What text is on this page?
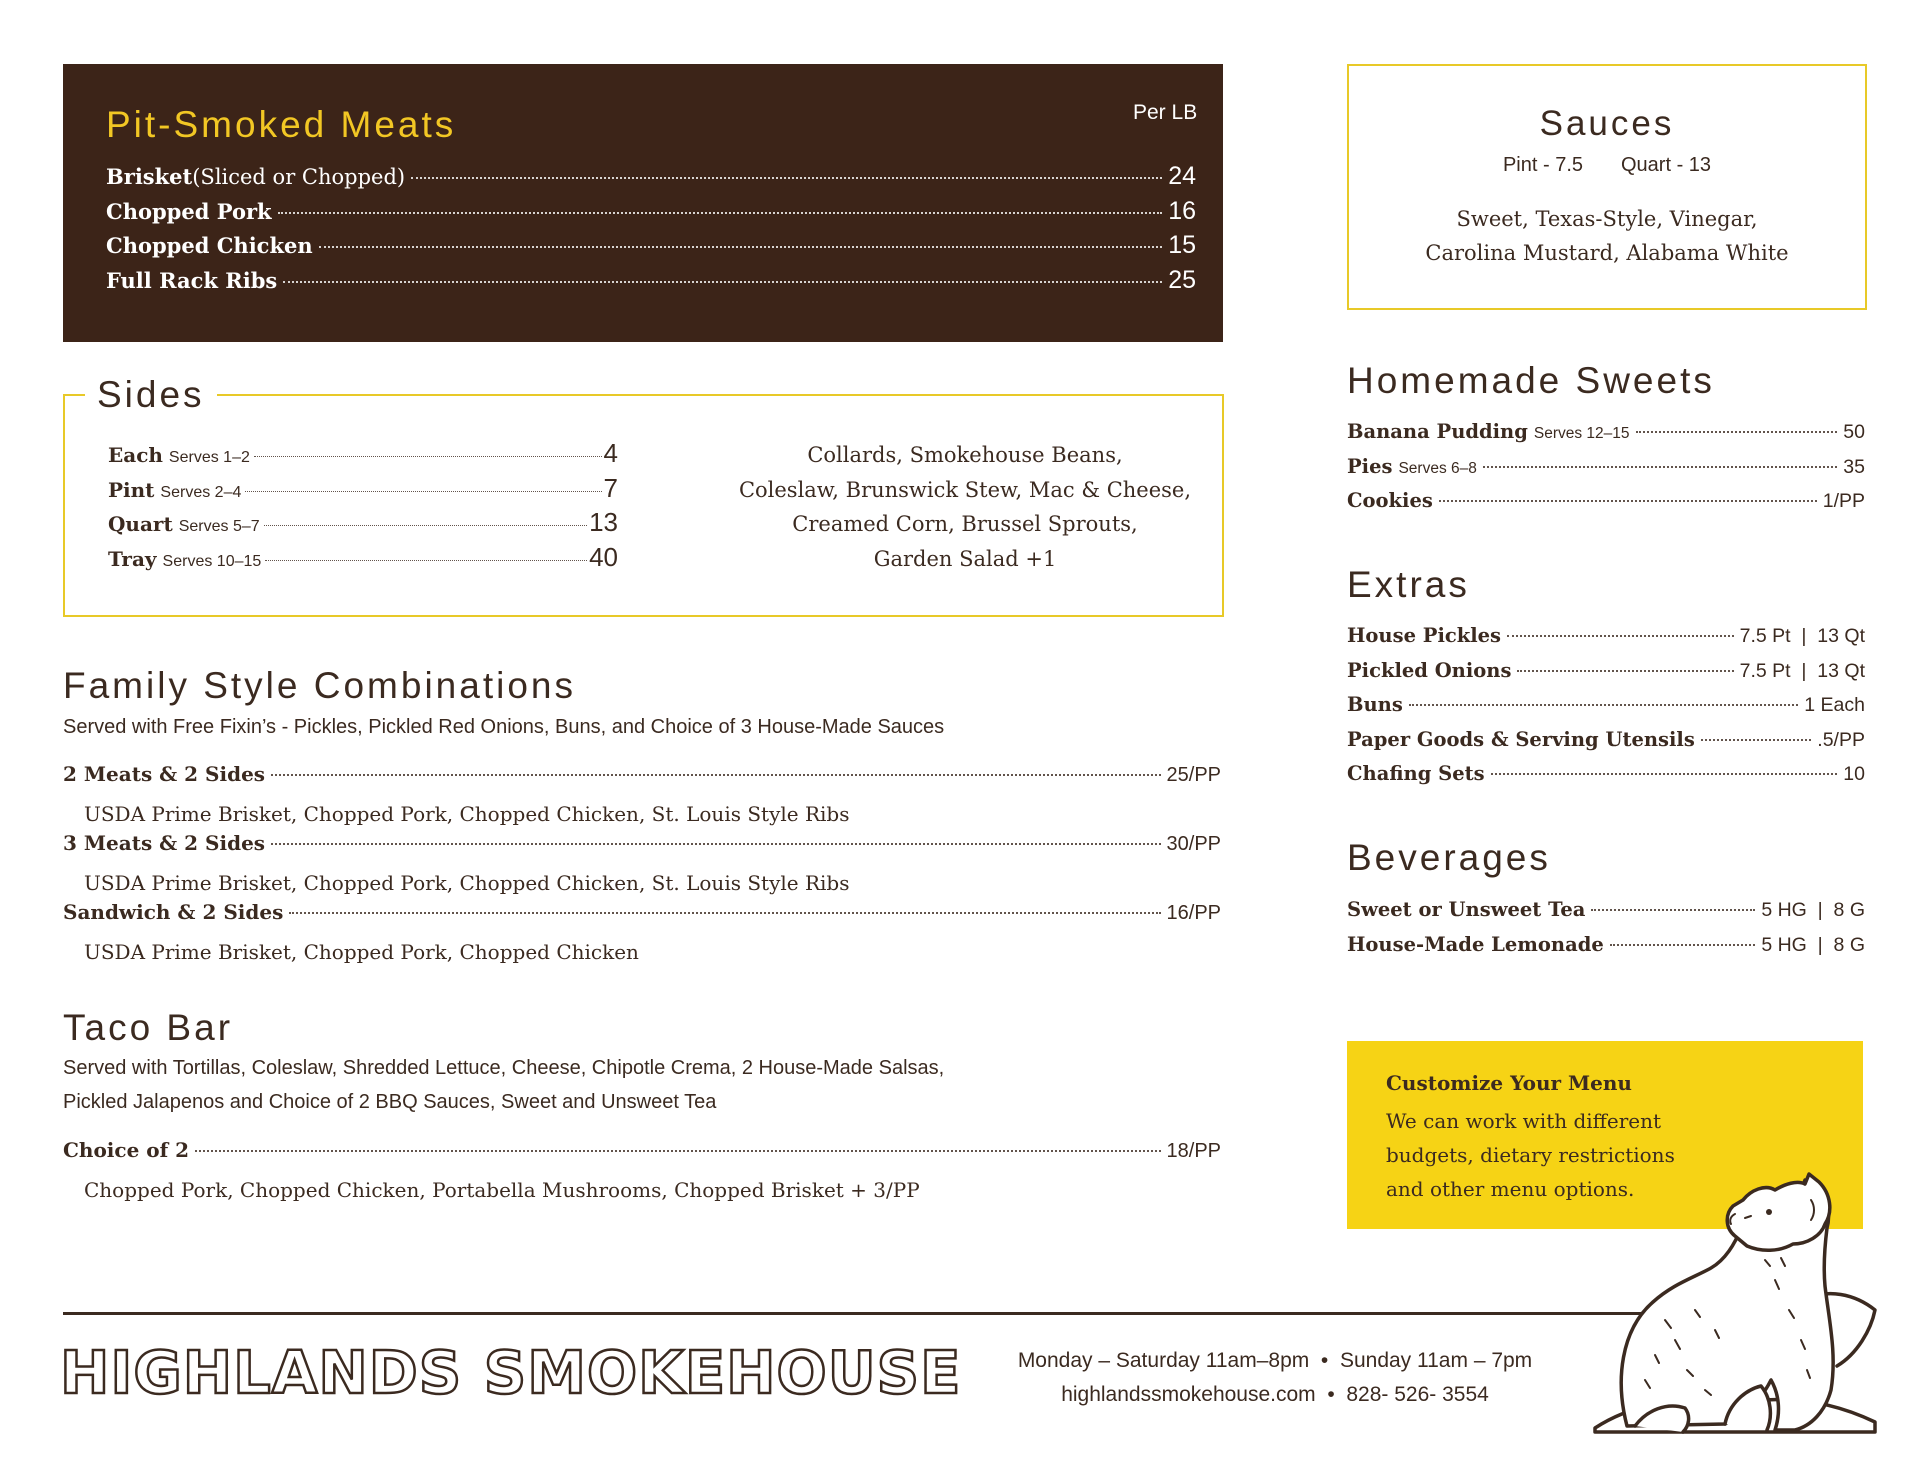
Pit-Smoked Meats	Per LB
Brisket (Sliced or Chopped)	24
Chopped Pork	16
Chopped Chicken	15
Full Rack Ribs	25
Sides
Each Serves 1–2	4
Pint Serves 2–4	7
Quart Serves 5–7	13
Tray Serves 10–15	40
Collards, Smokehouse Beans,
Coleslaw, Brunswick Stew, Mac & Cheese,
Creamed Corn, Brussel Sprouts,
Garden Salad +1
Family Style Combinations
Served with Free Fixin’s - Pickles, Pickled Red Onions, Buns, and Choice of 3 House-Made Sauces
2 Meats & 2 Sides	25/PP
USDA Prime Brisket, Chopped Pork, Chopped Chicken, St. Louis Style Ribs
3 Meats & 2 Sides	30/PP
USDA Prime Brisket, Chopped Pork, Chopped Chicken, St. Louis Style Ribs
Sandwich & 2 Sides	16/PP
USDA Prime Brisket, Chopped Pork, Chopped Chicken
Taco Bar
Served with Tortillas, Coleslaw, Shredded Lettuce, Cheese, Chipotle Crema, 2 House-Made Salsas,
Pickled Jalapenos and Choice of 2 BBQ Sauces, Sweet and Unsweet Tea
Choice of 2	18/PP
Chopped Pork, Chopped Chicken, Portabella Mushrooms, Chopped Brisket + 3/PP
Sauces
Pint - 7.5 Quart - 13
Sweet, Texas-Style, Vinegar,
Carolina Mustard, Alabama White
Homemade Sweets
Banana Pudding Serves 12–15	50
Pies Serves 6–8	35
Cookies	1/PP
Extras
House Pickles	7.5 Pt  |  13 Qt
Pickled Onions	7.5 Pt  |  13 Qt
Buns	1 Each
Paper Goods & Serving Utensils	.5/PP
Chafing Sets	10
Beverages
Sweet or Unsweet Tea	5 HG  |  8 G
House-Made Lemonade	5 HG  |  8 G
Customize Your Menu
We can work with different
budgets, dietary restrictions
and other menu options.
HIGHLANDS SMOKEHOUSE	Monday – Saturday 11am–8pm  •  Sunday 11am – 7pm
highlandssmokehouse.com  •  828- 526- 3554
